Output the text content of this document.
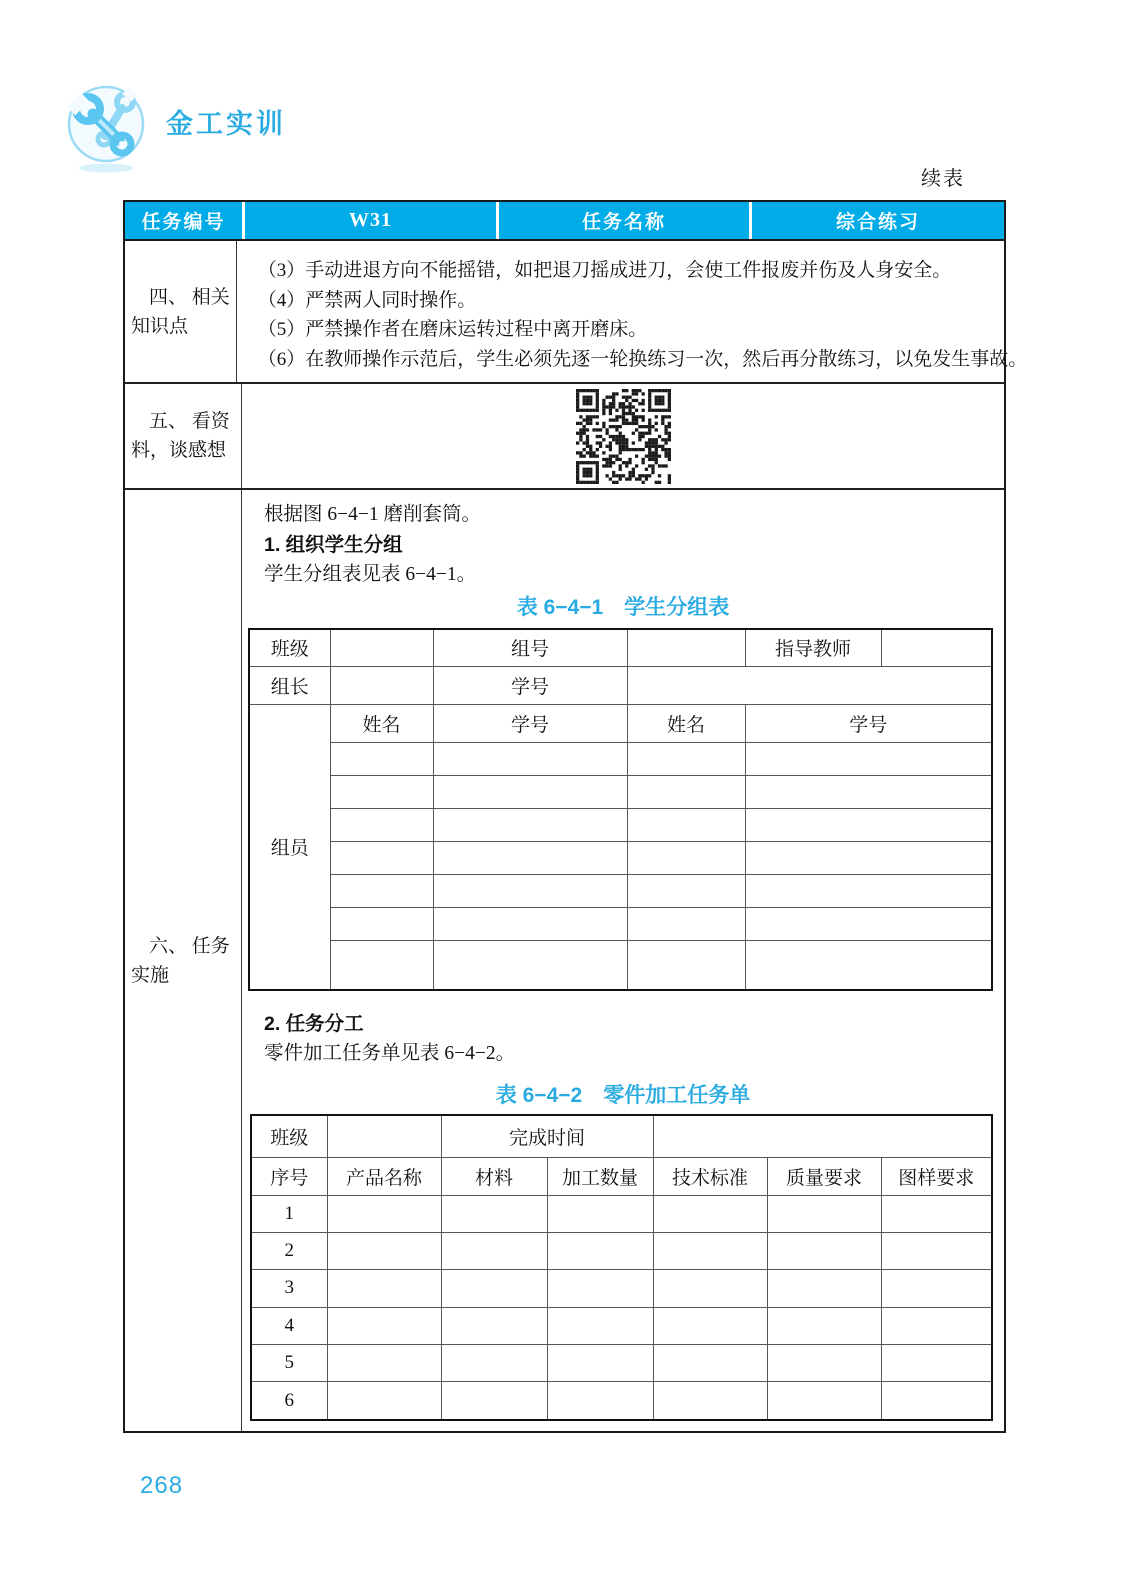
金工实训
续表
任务编号	W31	任务名称	综合练习
四、 相关
知识点
（3）手动进退方向不能摇错，如把退刀摇成进刀，会使工件报废并伤及人身安全。
（4）严禁两人同时操作。
（5）严禁操作者在磨床运转过程中离开磨床。
（6）在教师操作示范后，学生必须先逐一轮换练习一次，然后再分散练习，以免发生事故。
五、 看资
料，谈感想
六、 任务
实施
根据图 6−4−1 磨削套筒。
1. 组织学生分组
学生分组表见表 6−4−1。
表 6−4−1　学生分组表
班级		组号		指导教师	
组长		学号			
组员	姓名	学号	姓名	学号	

2. 任务分工
零件加工任务单见表 6−4−2。
表 6−4−2　零件加工任务单
班级		完成时间				
序号	产品名称	材料	加工数量	技术标准	质量要求	图样要求
1						
2						
3						
4						
5						
6						
268
